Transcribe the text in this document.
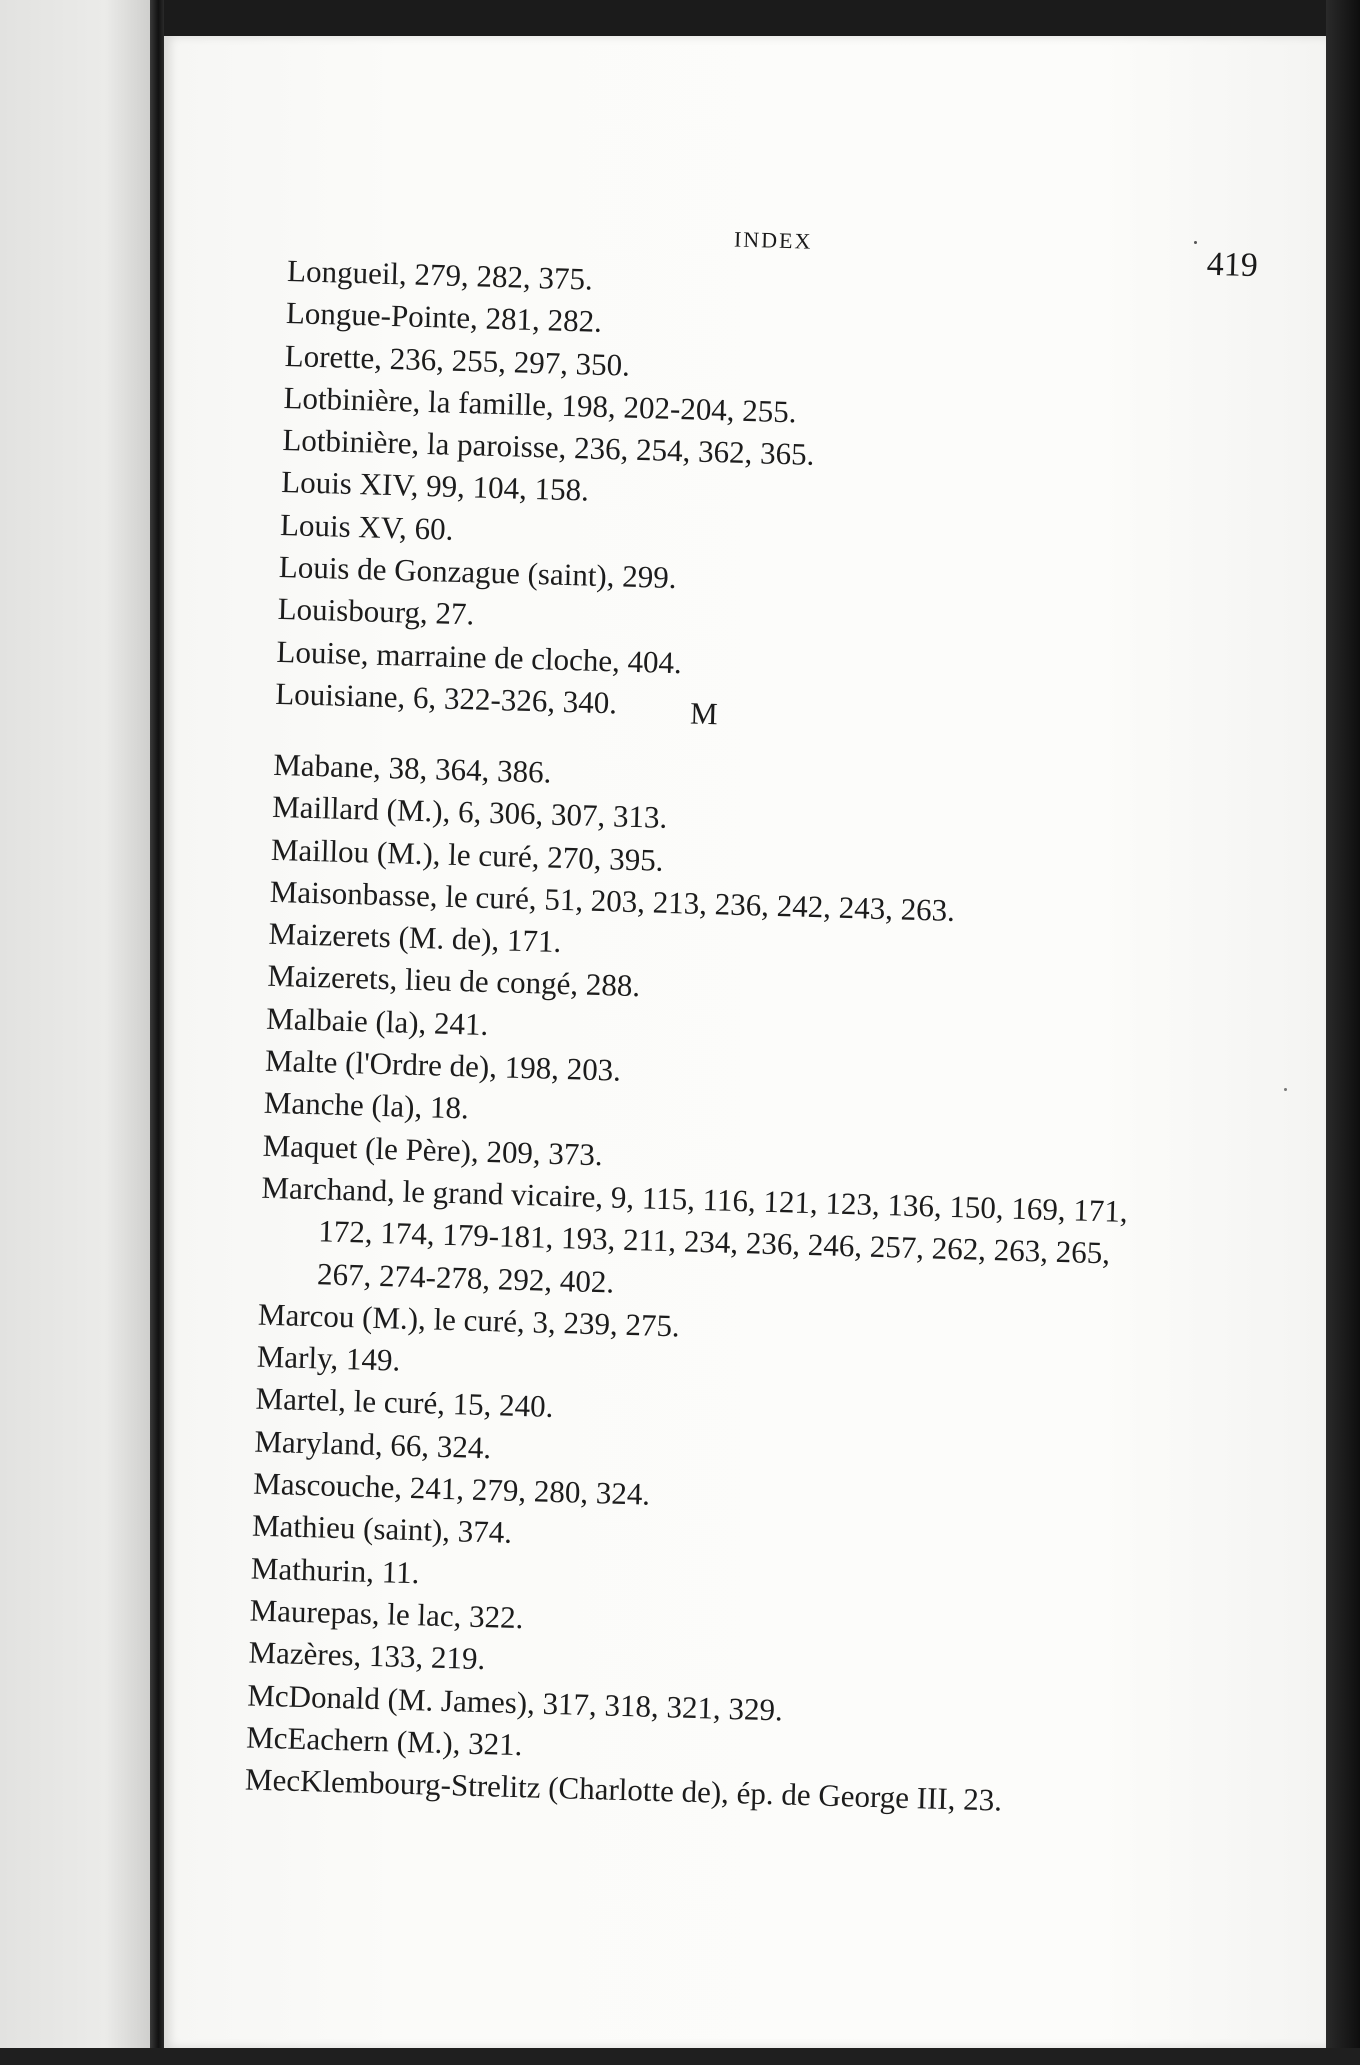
INDEX
419
Longueil, 279, 282, 375.
Longue-Pointe, 281, 282.
Lorette, 236, 255, 297, 350.
Lotbinière, la famille, 198, 202-204, 255.
Lotbinière, la paroisse, 236, 254, 362, 365.
Louis XIV, 99, 104, 158.
Louis XV, 60.
Louis de Gonzague (saint), 299.
Louisbourg, 27.
Louise, marraine de cloche, 404.
Louisiane, 6, 322-326, 340.	M
Mabane, 38, 364, 386.
Maillard (M.), 6, 306, 307, 313.
Maillou (M.), le curé, 270, 395.
Maisonbasse, le curé, 51, 203, 213, 236, 242, 243, 263.
Maizerets (M. de), 171.
Maizerets, lieu de congé, 288.
Malbaie (la), 241.
Malte (l'Ordre de), 198, 203.
Manche (la), 18.
Maquet (le Père), 209, 373.
Marchand, le grand vicaire, 9, 115, 116, 121, 123, 136, 150, 169, 171, 172, 174, 179-181, 193, 211, 234, 236, 246, 257, 262, 263, 265, 267, 274-278, 292, 402.
Marcou (M.), le curé, 3, 239, 275.
Marly, 149.
Martel, le curé, 15, 240.
Maryland, 66, 324.
Mascouche, 241, 279, 280, 324.
Mathieu (saint), 374.
Mathurin, 11.
Maurepas, le lac, 322.
Mazères, 133, 219.
McDonald (M. James), 317, 318, 321, 329.
McEachern (M.), 321.
MecKlembourg-Strelitz (Charlotte de), ép. de George III, 23.
